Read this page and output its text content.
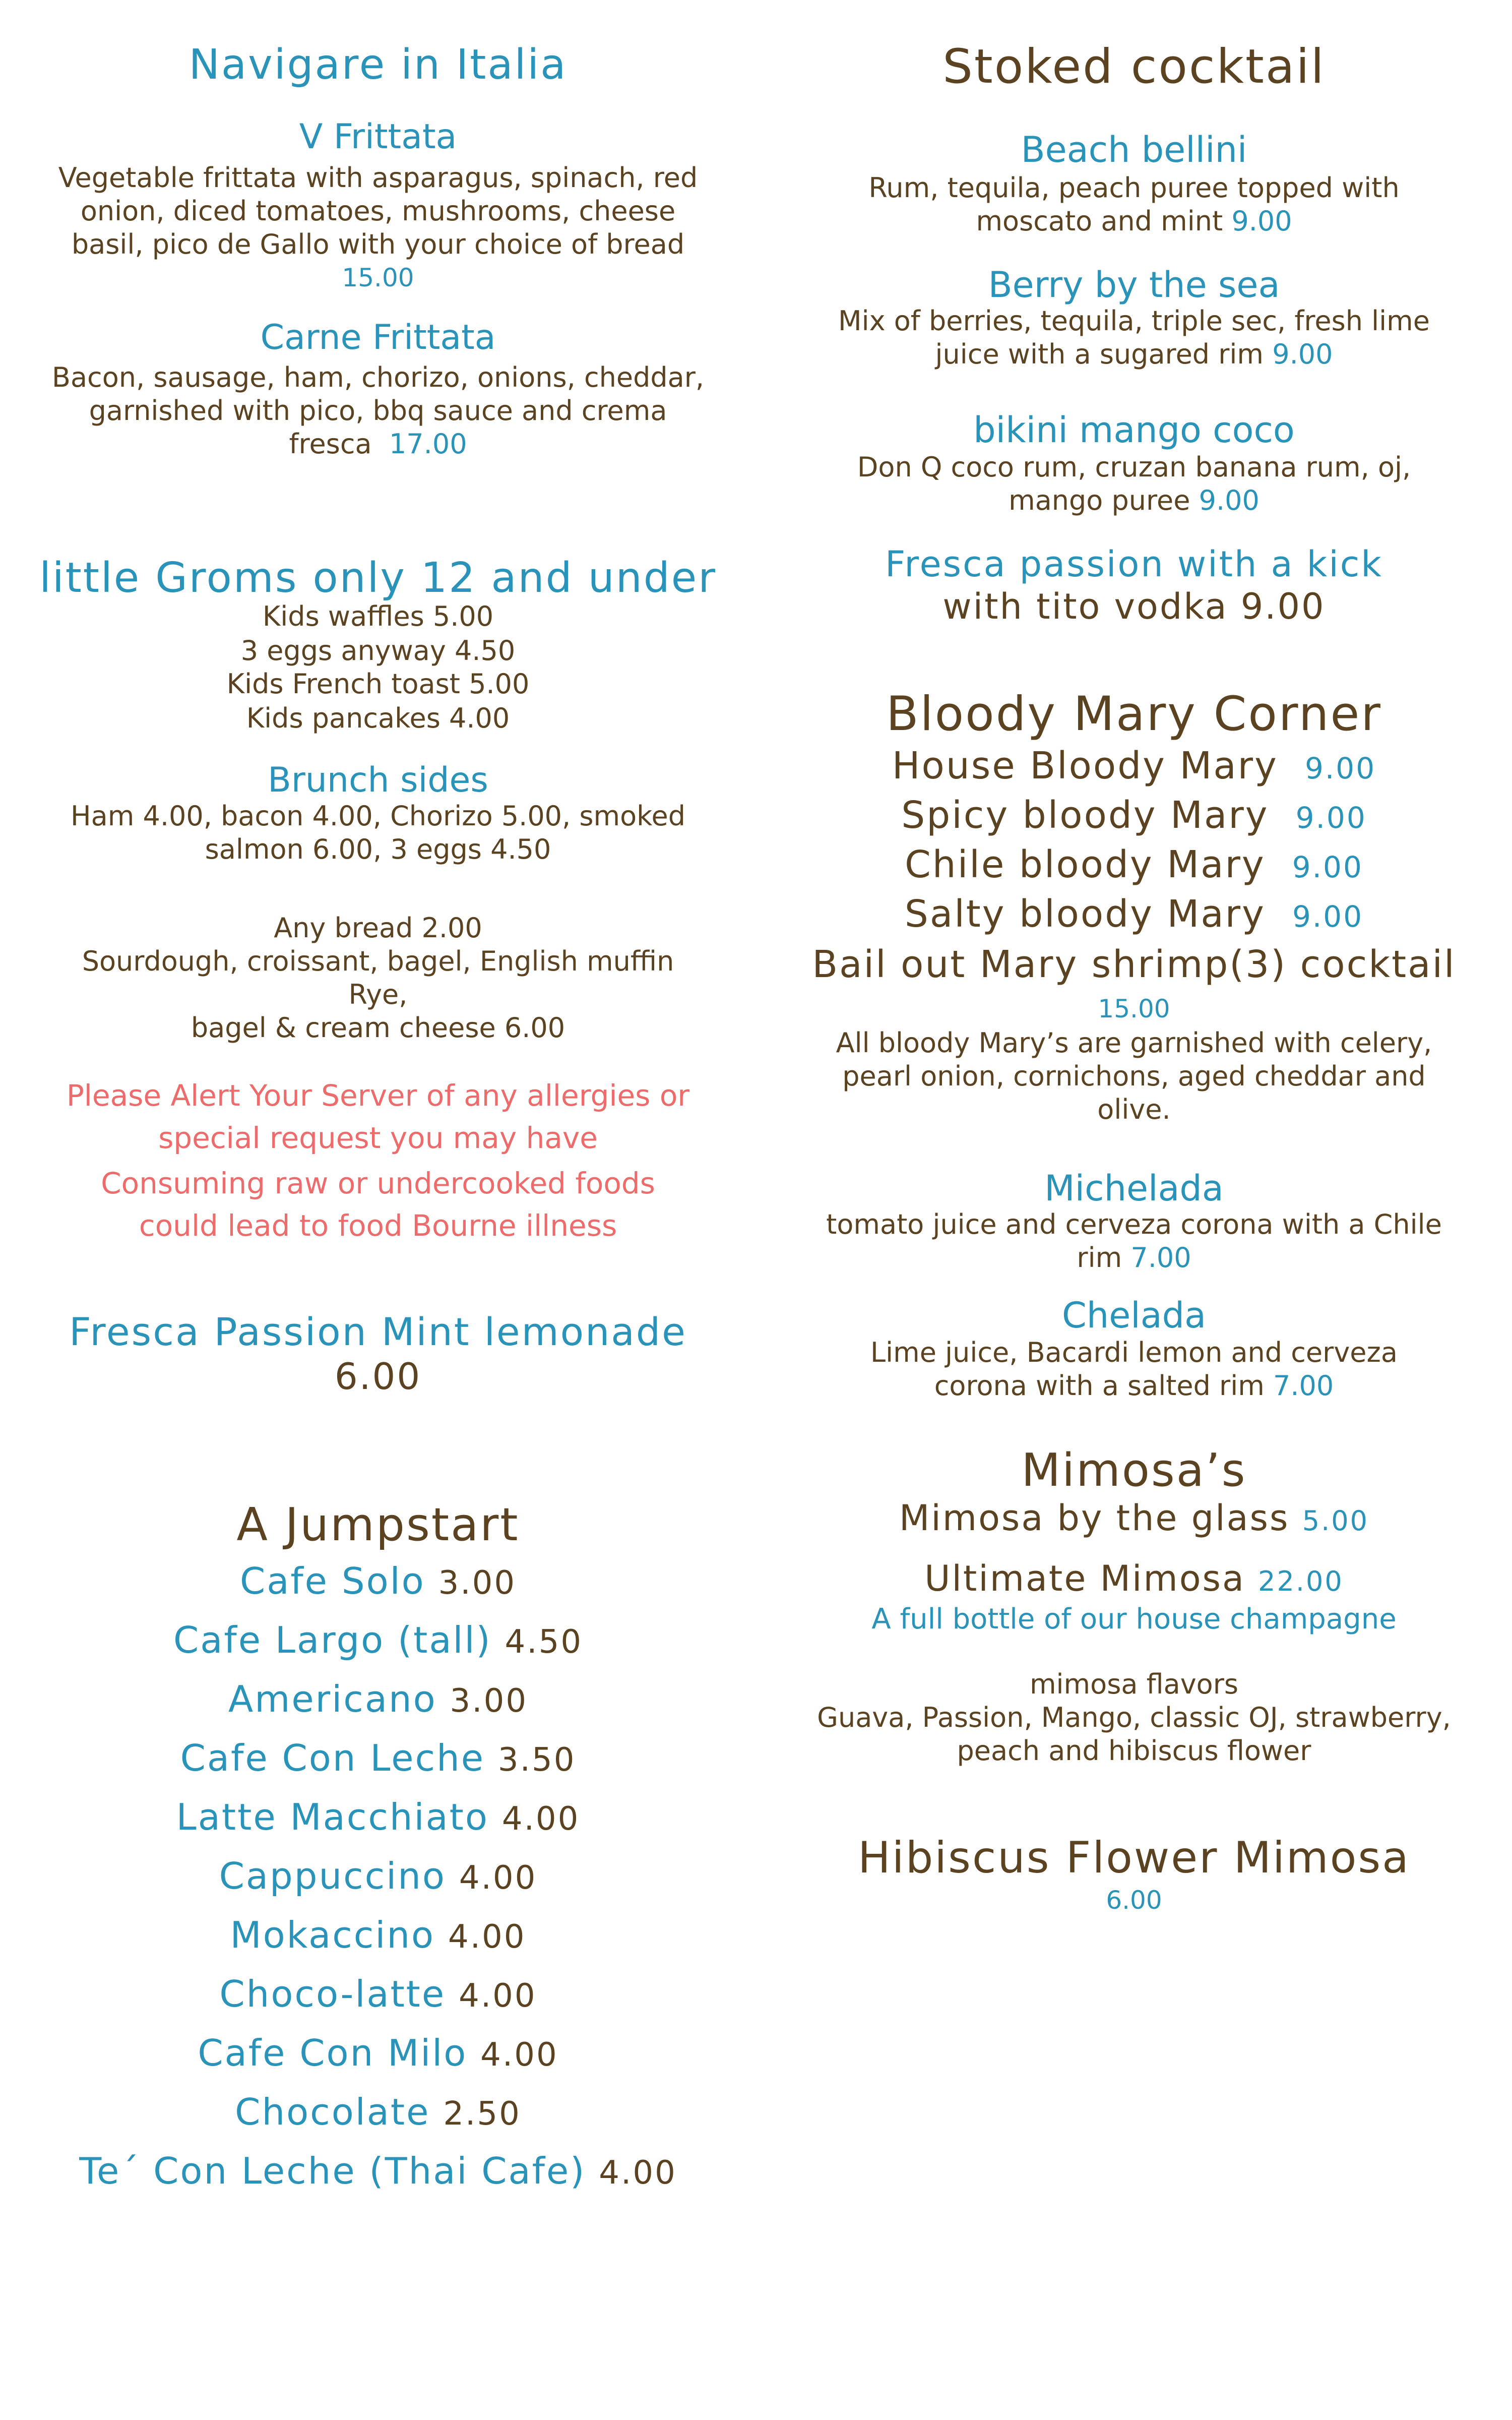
Navigare in Italia
V Frittata
Vegetable frittata with asparagus, spinach, red
onion, diced tomatoes, mushrooms, cheese
basil, pico de Gallo with your choice of bread
15.00
Carne Frittata
Bacon, sausage, ham, chorizo, onions, cheddar,
garnished with pico, bbq sauce and crema
fresca 17.00
little Groms only 12 and under
Kids waffles 5.00
3 eggs anyway 4.50
Kids French toast 5.00
Kids pancakes 4.00
Brunch sides
Ham 4.00, bacon 4.00, Chorizo 5.00, smoked
salmon 6.00, 3 eggs 4.50
Any bread 2.00
Sourdough, croissant, bagel, English muffin
Rye,
bagel & cream cheese 6.00
Please Alert Your Server of any allergies or
special request you may have
Consuming raw or undercooked foods
could lead to food Bourne illness
Fresca Passion Mint lemonade
6.00
A Jumpstart
Cafe Solo 3.00
Cafe Largo (tall) 4.50
Americano 3.00
Cafe Con Leche 3.50
Latte Macchiato 4.00
Cappuccino 4.00
Mokaccino 4.00
Choco-latte 4.00
Cafe Con Milo 4.00
Chocolate 2.50
Te´ Con Leche (Thai Cafe) 4.00
Stoked cocktail
Beach bellini
Rum, tequila, peach puree topped with
moscato and mint 9.00
Berry by the sea
Mix of berries, tequila, triple sec, fresh lime
juice with a sugared rim 9.00
bikini mango coco
Don Q coco rum, cruzan banana rum, oj,
mango puree 9.00
Fresca passion with a kick
with tito vodka 9.00
Bloody Mary Corner
House Bloody Mary 9.00
Spicy bloody Mary 9.00
Chile bloody Mary 9.00
Salty bloody Mary 9.00
Bail out Mary shrimp(3) cocktail
15.00
All bloody Mary’s are garnished with celery,
pearl onion, cornichons, aged cheddar and
olive.
Michelada
tomato juice and cerveza corona with a Chile
rim 7.00
Chelada
Lime juice, Bacardi lemon and cerveza
corona with a salted rim 7.00
Mimosa’s
Mimosa by the glass 5.00
Ultimate Mimosa 22.00
A full bottle of our house champagne
mimosa flavors
Guava, Passion, Mango, classic OJ, strawberry,
peach and hibiscus flower
Hibiscus Flower Mimosa
6.00
